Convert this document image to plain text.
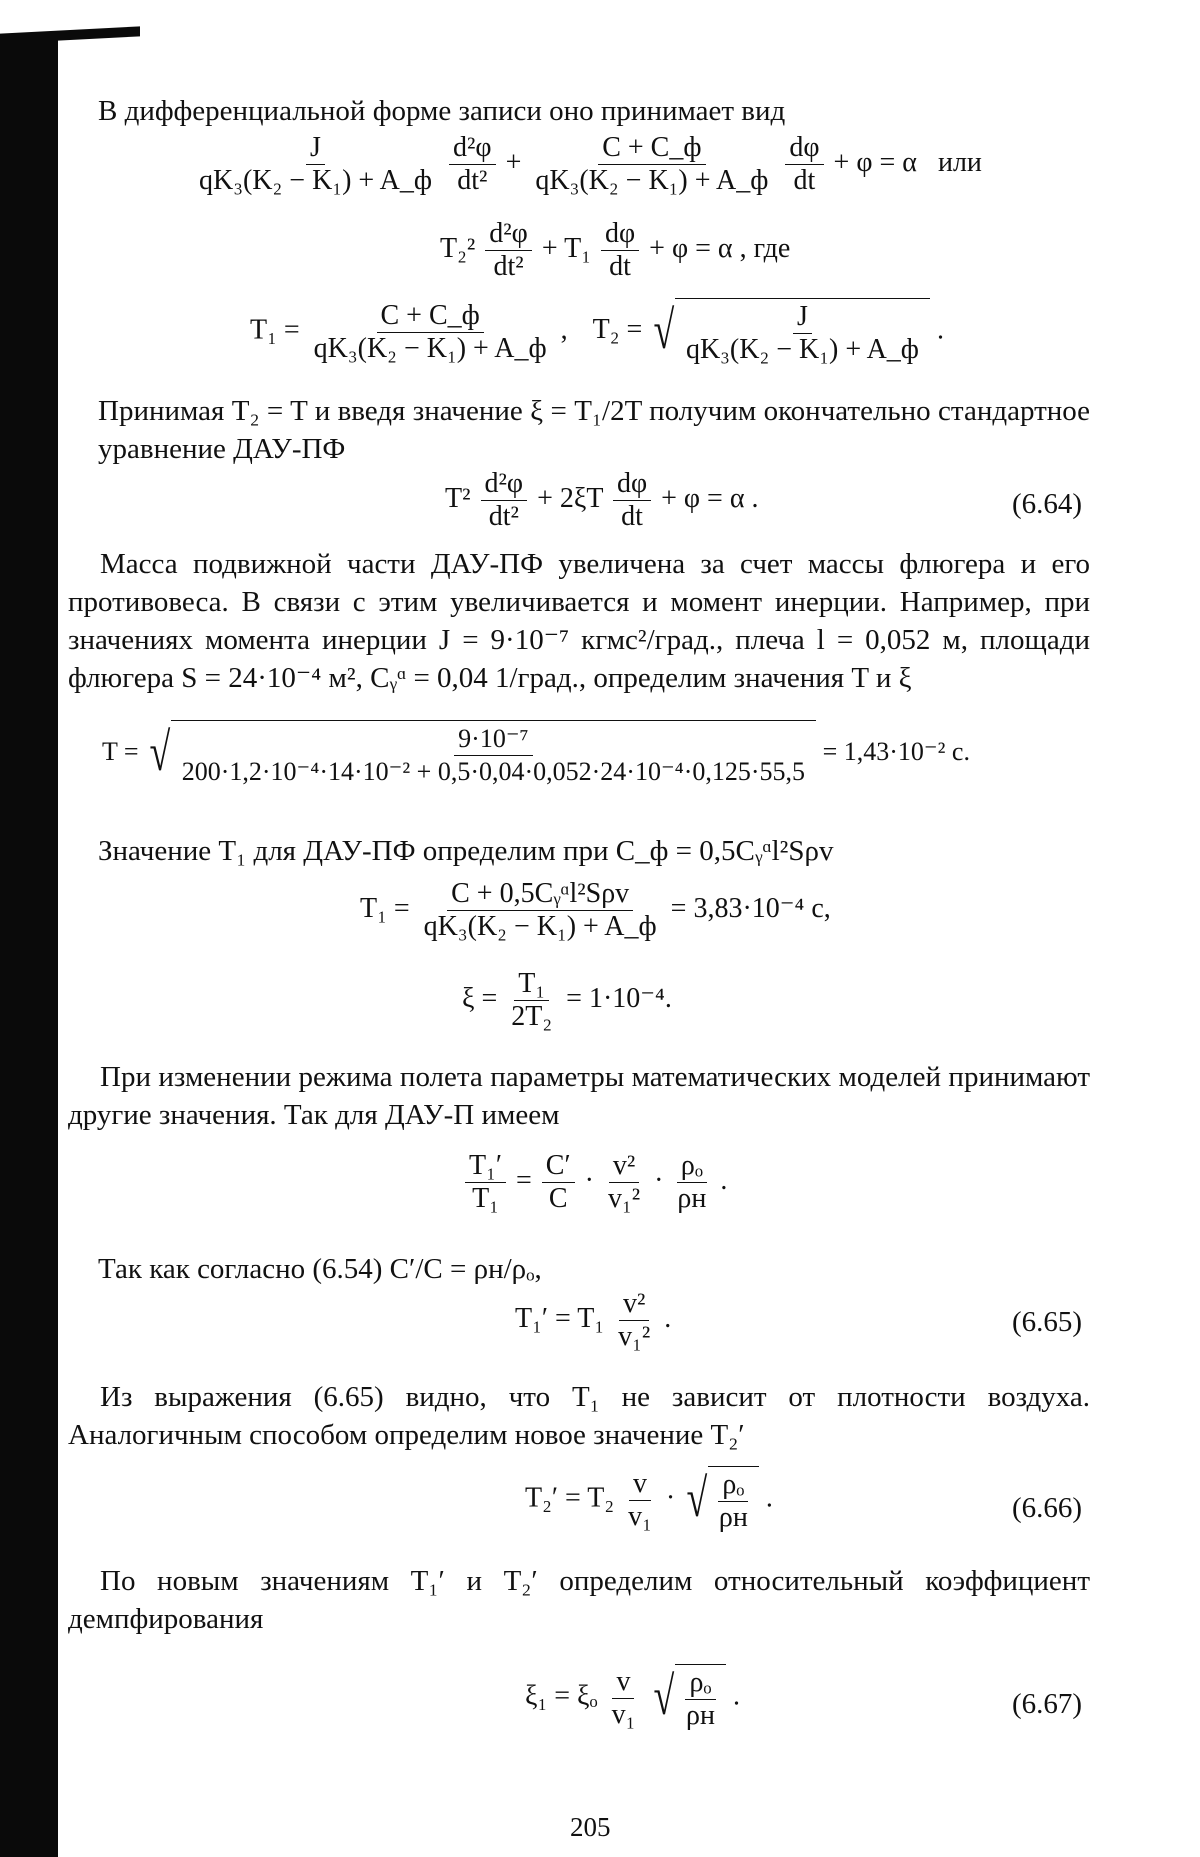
В дифференциальной форме записи оно принимает вид
$\frac{J}{\text{qK₃(K₂ − K₁) + A\_ф}}$
$\frac{\text{d²φ}}{\text{dt²}} + \frac{C + C\_ф}{\text{qK₃(K₂ − K₁) + A\_ф}}$
$\frac{d\varphi}{dt} + \varphi = \alpha$ или
$T_2^2 \frac{\text{d²φ}}{\text{dt²}} + T_1 \frac{d\varphi}{dt} + \varphi = \alpha$ , где
$T_1 = \frac{C + C\_ф}{\text{qK₃(K₂ − K₁) + A\_ф}}$ , T₂ = √ $\frac{J}{\text{qK₃(K₂ − K₁) + A\_ф}}$ .
Принимая T₂ = T и введя значение ξ = T₁/2T получим окончательно стандартное уравнение ДАУ-ПФ
$T^2 \frac{\text{d²φ}}{\text{dt²}} + 2\xi T \frac{d\varphi}{dt} + \varphi = \alpha$ .	(6.64)
Масса подвижной части ДАУ-ПФ увеличена за счет массы флюгера и его противовеса. В связи с этим увеличивается и момент инерции. Например, при значениях момента инерции J = 9·10⁻⁷ кгмс²/град., плеча l = 0,052 м, площади флюгера S = 24·10⁻⁴ м², Cᵧᵅ = 0,04 1/град., определим значения T и ξ
T = √ $\frac{\text{9·10⁻⁷}}{\text{200·1,2·10⁻⁴·14·10⁻² + 0,5·0,04·0,052·24·10⁻⁴·0,125·55,5}} = 1,43\cdot 10^{-2}$ с.
Значение T₁ для ДАУ-ПФ определим при C_ф = 0,5Cᵧᵅl²Sρv
$T_1 = \frac{\text{C + 0,5Cᵧᵅl²Sρv}}{\text{qK₃(K₂ − K₁) + A\_ф}} = 3,83\cdot 10^{-4}$ с,
$\xi = \frac{\text{T₁}}{\text{2T₂}} = 1\cdot 10^{-4}$.
При изменении режима полета параметры математических моделей принимают другие значения. Так для ДАУ-П имеем
$\frac{\text{T₁′}}{\text{T₁}} = \frac{C'}{C} \cdot \frac{\text{v²}}{\text{v₁²}} \cdot \frac{\text{ρₒ}}{\rho н}$ .
Так как согласно (6.54) C′/C = ρн/ρₒ,
$T_1' = T_1 \frac{\text{v²}}{\text{v₁²}}$ .	(6.65)
Из выражения (6.65) видно, что T₁ не зависит от плотности воздуха. Аналогичным способом определим новое значение T₂′
$T_2' = T_2 \frac{v}{\text{v₁}}$ · √ $\frac{\text{ρₒ}}{\rho н}$ .	(6.66)
По новым значениям T₁′ и T₂′ определим относительный коэффициент демпфирования
ξ₁ = ξₒ $\frac{v}{\text{v₁}}$
√ $\frac{\text{ρₒ}}{\rho н}$ .	(6.67)
205
